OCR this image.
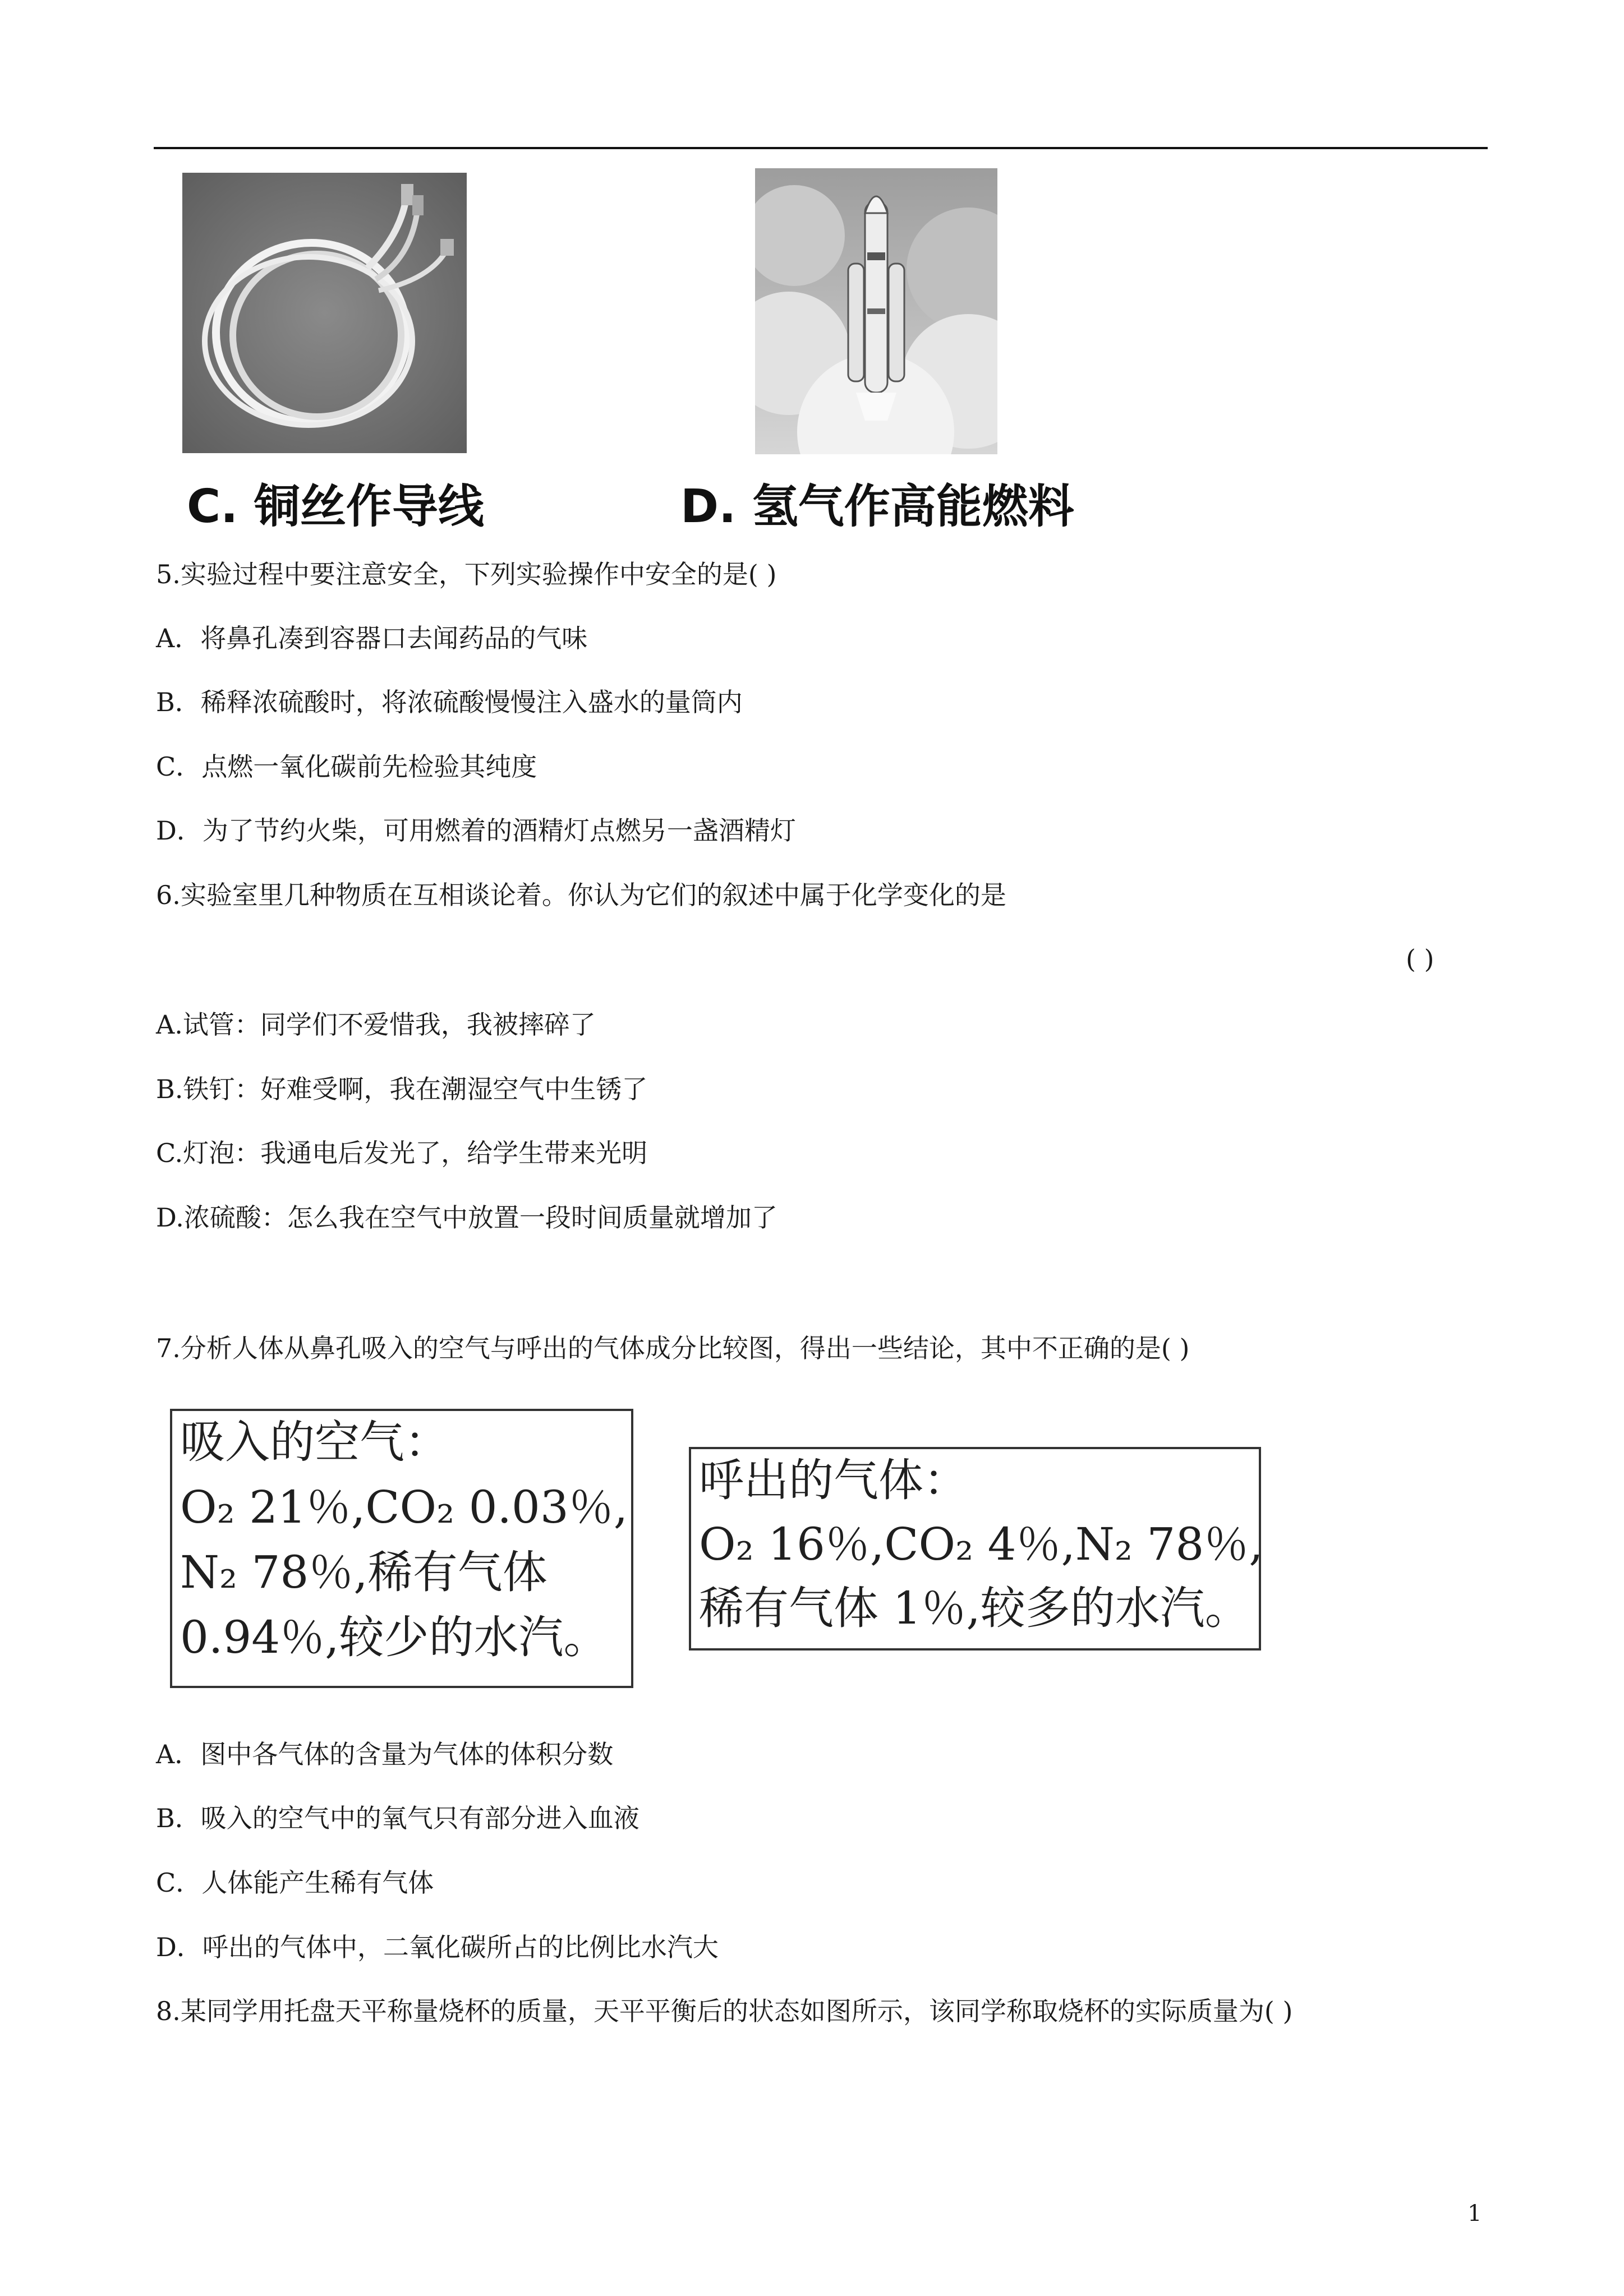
C. 铜丝作导线	D. 氢气作高能燃料
5.实验过程中要注意安全，下列实验操作中安全的是( )
A．将鼻孔凑到容器口去闻药品的气味
B．稀释浓硫酸时，将浓硫酸慢慢注入盛水的量筒内
C．点燃一氧化碳前先检验其纯度
D．为了节约火柴，可用燃着的酒精灯点燃另一盏酒精灯
6.实验室里几种物质在互相谈论着。你认为它们的叙述中属于化学变化的是
( )
A.试管：同学们不爱惜我，我被摔碎了
B.铁钉：好难受啊，我在潮湿空气中生锈了
C.灯泡：我通电后发光了，给学生带来光明
D.浓硫酸：怎么我在空气中放置一段时间质量就增加了
7.分析人体从鼻孔吸入的空气与呼出的气体成分比较图，得出一些结论，其中不正确的是( )
吸入的空气：
O₂ 21％,CO₂ 0.03％,
N₂ 78％,稀有气体
0.94％,较少的水汽。
呼出的气体：
O₂ 16％,CO₂ 4％,N₂ 78％,
稀有气体 1％,较多的水汽。
A．图中各气体的含量为气体的体积分数
B．吸入的空气中的氧气只有部分进入血液
C．人体能产生稀有气体
D．呼出的气体中，二氧化碳所占的比例比水汽大
8.某同学用托盘天平称量烧杯的质量，天平平衡后的状态如图所示，该同学称取烧杯的实际质量为( )
1
